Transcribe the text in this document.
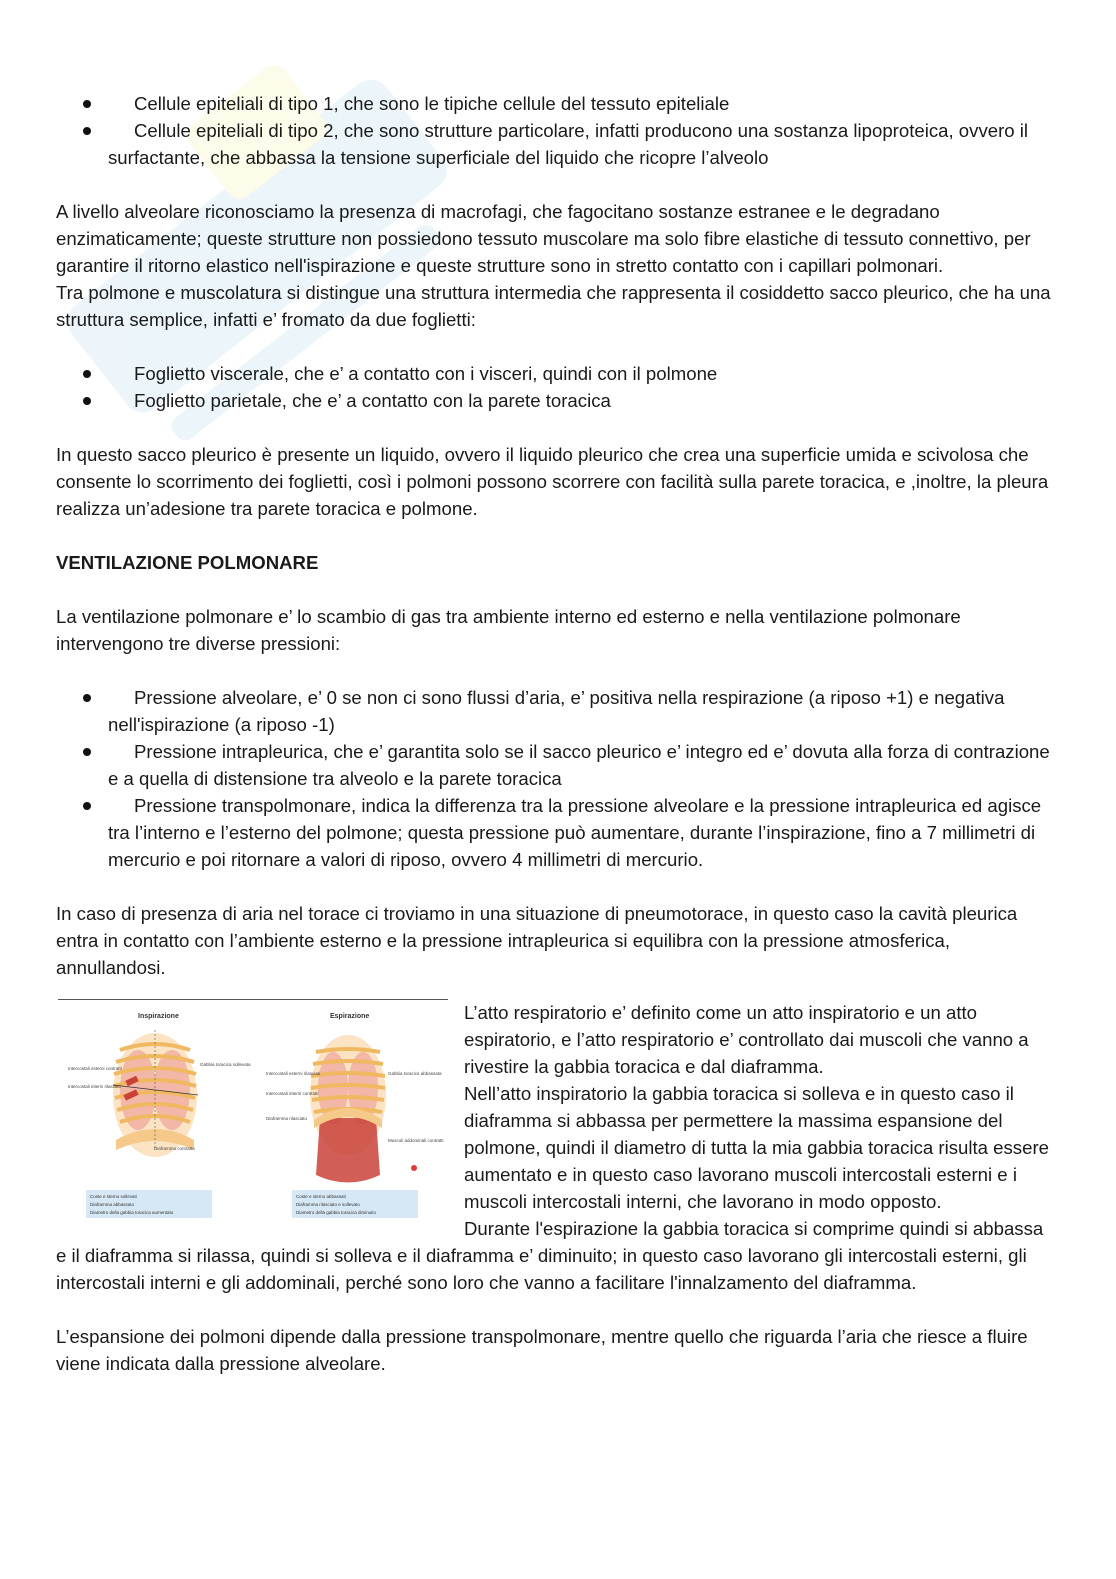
Cellule epiteliali di tipo 1, che sono le tipiche cellule del tessuto epiteliale
Cellule epiteliali di tipo 2, che sono strutture particolare, infatti producono una sostanza lipoproteica, ovvero il surfactante, che abbassa la tensione superficiale del liquido che ricopre l’alveolo

A livello alveolare riconosciamo la presenza di macrofagi, che fagocitano sostanze estranee e le degradano enzimaticamente; queste strutture non possiedono tessuto muscolare ma solo fibre elastiche di tessuto connettivo, per garantire il ritorno elastico nell'ispirazione e queste strutture sono in stretto contatto con i capillari polmonari.

Tra polmone e muscolatura si distingue una struttura intermedia che rappresenta il cosiddetto sacco pleurico, che ha una struttura semplice, infatti e’ fromato da due foglietti:

Foglietto viscerale, che e’ a contatto con i visceri, quindi con il polmone
Foglietto parietale, che e’ a contatto con la parete toracica

In questo sacco pleurico è presente un liquido, ovvero il liquido pleurico che crea una superficie umida e scivolosa che consente lo scorrimento dei foglietti, così i polmoni possono scorrere con facilità sulla parete toracica, e ,inoltre, la pleura realizza un’adesione tra parete toracica e polmone.

VENTILAZIONE POLMONARE

La ventilazione polmonare e’ lo scambio di gas tra ambiente interno ed esterno e nella ventilazione polmonare intervengono tre diverse pressioni:

Pressione alveolare, e’ 0 se non ci sono flussi d’aria, e’ positiva nella respirazione (a riposo +1) e negativa nell'ispirazione (a riposo -1)
Pressione intrapleurica, che e’ garantita solo se il sacco pleurico e’ integro ed e’ dovuta alla forza di contrazione e a quella di distensione tra alveolo e la parete toracica
Pressione transpolmonare, indica la differenza tra la pressione alveolare e la pressione intrapleurica ed agisce tra l’interno e l’esterno del polmone; questa pressione può aumentare, durante l’inspirazione, fino a 7 millimetri di mercurio e poi ritornare a valori di riposo, ovvero 4 millimetri di mercurio.

In caso di presenza di aria nel torace ci troviamo in una situazione di pneumotorace, in questo caso la cavità pleurica entra in contatto con l’ambiente esterno e la pressione intrapleurica si equilibra con la pressione atmosferica, annullandosi.

Inspirazione	Espirazione
Intercostali esterni contratti
Intercostali interni rilasciati
Gabbia toracica sollevata
Diaframma contratto
Coste e sterno sollevati
Diaframma abbassato
Diametro della gabbia toracica aumentato
Intercostali esterni rilasciati
Intercostali interni contratti
Gabbia toracica abbassata
Diaframma rilasciato
Muscoli addominali contratti
Coste e sterno abbassati
Diaframma rilasciato e sollevato
Diametro della gabbia toracica diminuito

L’atto respiratorio e’ definito come un atto inspiratorio e un atto espiratorio, e l’atto respiratorio e’ controllato dai muscoli che vanno a rivestire la gabbia toracica e dal diaframma.

Nell’atto inspiratorio la gabbia toracica si solleva e in questo caso il diaframma si abbassa per permettere la massima espansione del polmone, quindi il diametro di tutta la mia gabbia toracica risulta essere aumentato e in questo caso lavorano muscoli intercostali esterni e i muscoli intercostali interni, che lavorano in modo opposto.

Durante l'espirazione la gabbia toracica si comprime quindi si abbassa e il diaframma si rilassa, quindi si solleva e il diaframma e’ diminuito; in questo caso lavorano gli intercostali esterni, gli intercostali interni e gli addominali, perché sono loro che vanno a facilitare l'innalzamento del diaframma.

L’espansione dei polmoni dipende dalla pressione transpolmonare, mentre quello che riguarda l’aria che riesce a fluire viene indicata dalla pressione alveolare.
